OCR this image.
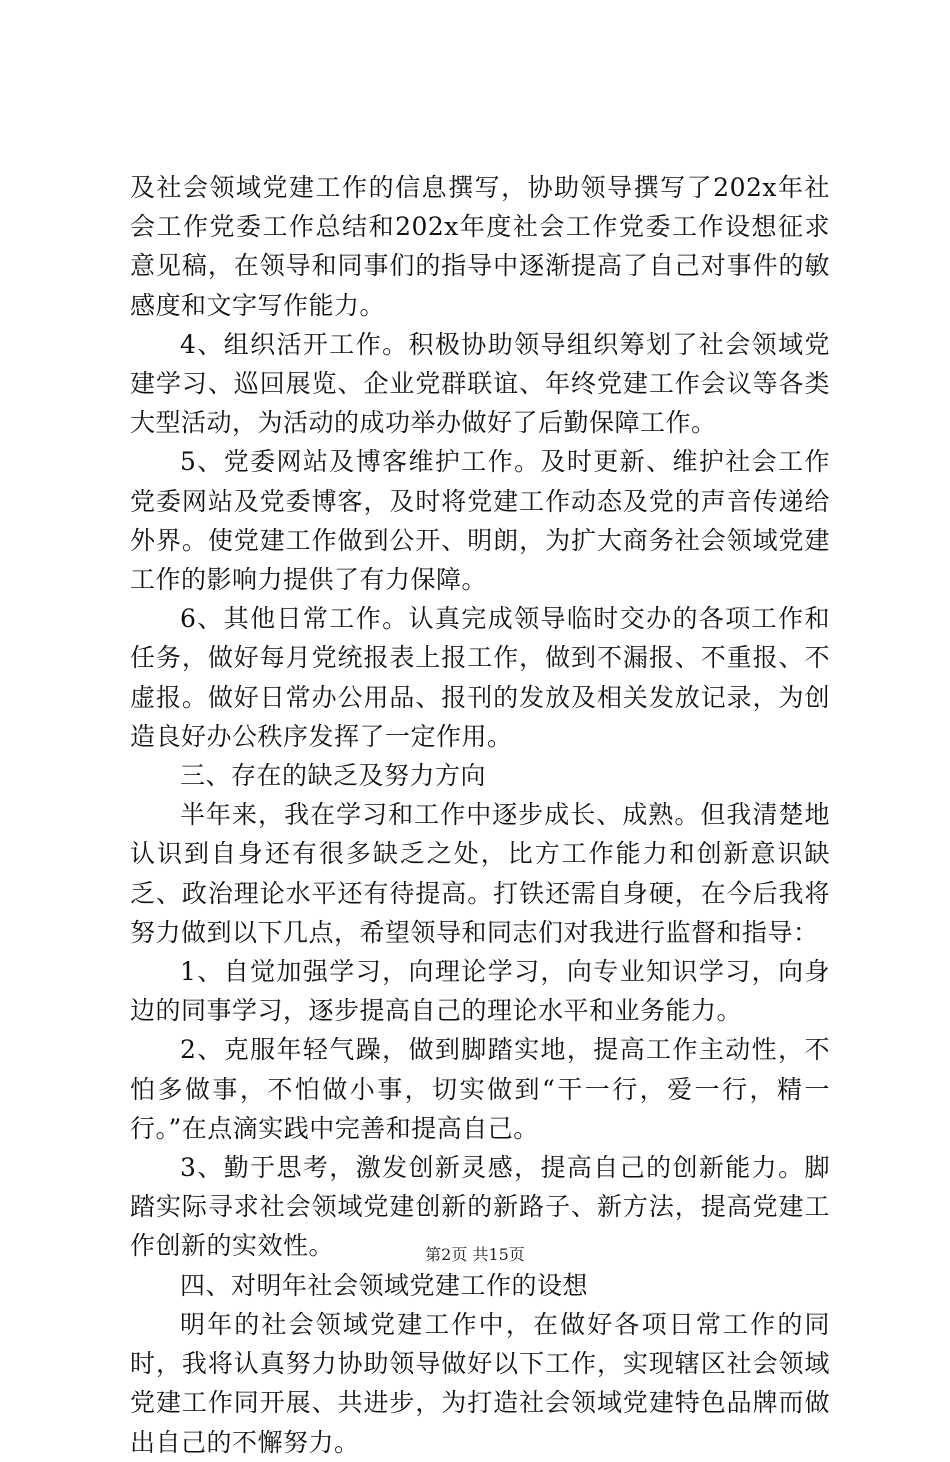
及社会领域党建工作的信息撰写，协助领导撰写了202x年社会工作党委工作总结和202x年度社会工作党委工作设想征求意见稿，在领导和同事们的指导中逐渐提高了自己对事件的敏感度和文字写作能力。

4、组织活开工作。积极协助领导组织筹划了社会领域党建学习、巡回展览、企业党群联谊、年终党建工作会议等各类大型活动，为活动的成功举办做好了后勤保障工作。

5、党委网站及博客维护工作。及时更新、维护社会工作党委网站及党委博客，及时将党建工作动态及党的声音传递给外界。使党建工作做到公开、明朗，为扩大商务社会领域党建工作的影响力提供了有力保障。

6、其他日常工作。认真完成领导临时交办的各项工作和任务，做好每月党统报表上报工作，做到不漏报、不重报、不虚报。做好日常办公用品、报刊的发放及相关发放记录，为创造良好办公秩序发挥了一定作用。

三、存在的缺乏及努力方向

半年来，我在学习和工作中逐步成长、成熟。但我清楚地认识到自身还有很多缺乏之处，比方工作能力和创新意识缺乏、政治理论水平还有待提高。打铁还需自身硬，在今后我将努力做到以下几点，希望领导和同志们对我进行监督和指导：

1、自觉加强学习，向理论学习，向专业知识学习，向身边的同事学习，逐步提高自己的理论水平和业务能力。

2、克服年轻气躁，做到脚踏实地，提高工作主动性，不怕多做事，不怕做小事，切实做到“干一行，爱一行，精一行。”在点滴实践中完善和提高自己。

3、勤于思考，激发创新灵感，提高自己的创新能力。脚踏实际寻求社会领域党建创新的新路子、新方法，提高党建工作创新的实效性。

四、对明年社会领域党建工作的设想

明年的社会领域党建工作中，在做好各项日常工作的同时，我将认真努力协助领导做好以下工作，实现辖区社会领域党建工作同开展、共进步，为打造社会领域党建特色品牌而做出自己的不懈努力。

第2页 共15页
